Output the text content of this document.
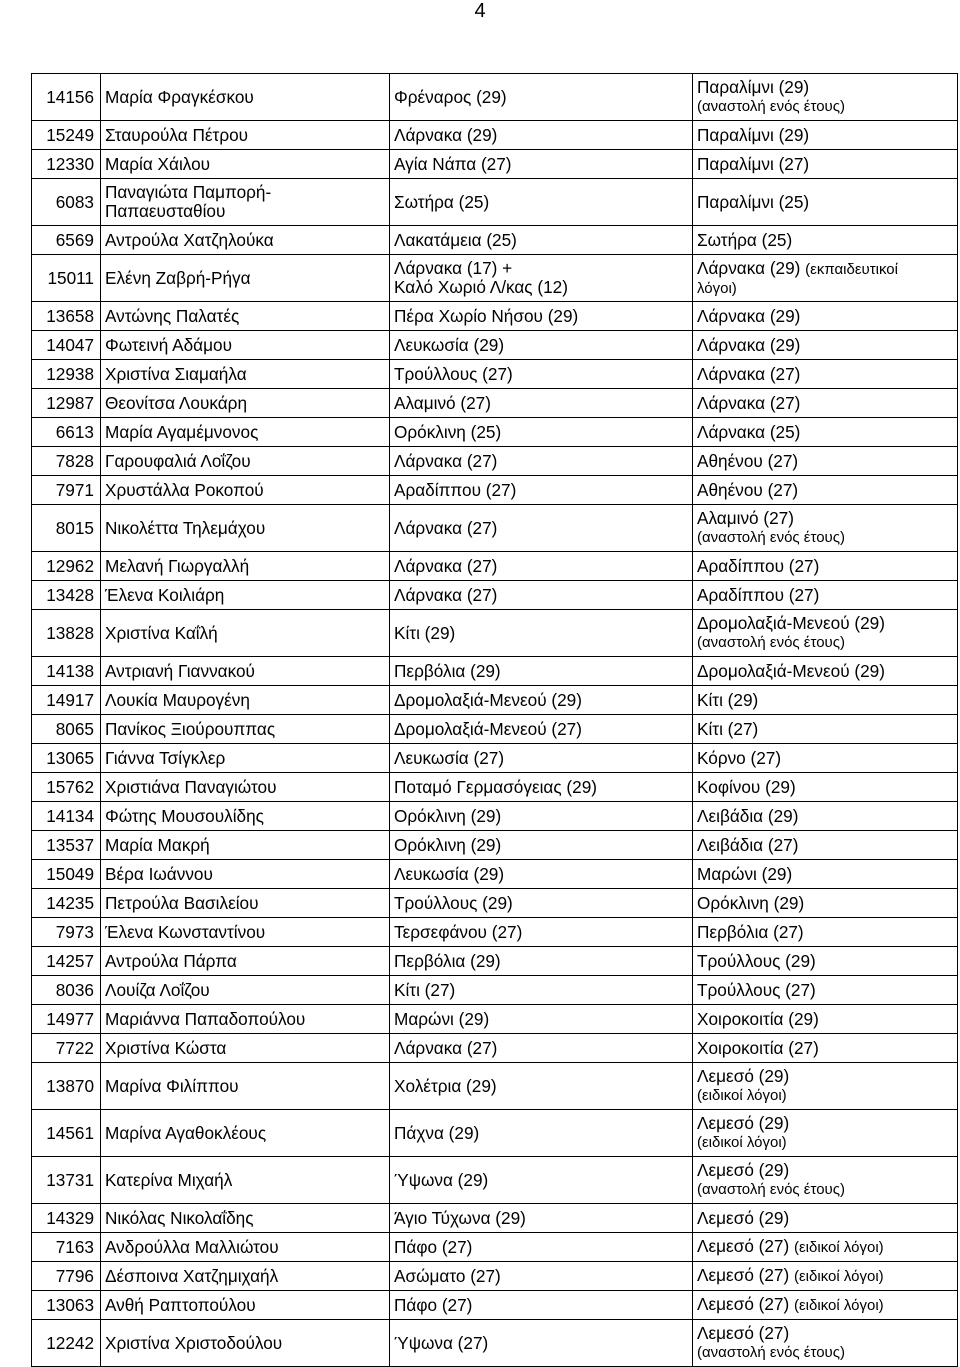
4
14156	Μαρία Φραγκέσκου	Φρέναρος (29)	Παραλίμνι (29)
(αναστολή ενός έτους)

15249	Σταυρούλα Πέτρου	Λάρνακα (29)	Παραλίμνι (29)

12330	Μαρία Χάιλου	Αγία Νάπα (27)	Παραλίμνι (27)

6083	Παναγιώτα Παμπορή-
Παπαευσταθίου	Σωτήρα (25)	Παραλίμνι (25)

6569	Αντρούλα Χατζηλούκα	Λακατάμεια (25)	Σωτήρα (25)

15011	Ελένη Ζαβρή-Ρήγα	Λάρνακα (17) +
Καλό Χωριό Λ/κας (12)	Λάρνακα (29) (εκπαιδευτικοί
λόγοι)

13658	Αντώνης Παλατές	Πέρα Χωρίο Νήσου (29)	Λάρνακα (29)

14047	Φωτεινή Αδάμου	Λευκωσία (29)	Λάρνακα (29)

12938	Χριστίνα Σιαμαήλα	Τρούλλους (27)	Λάρνακα (27)

12987	Θεονίτσα Λουκάρη	Αλαμινό (27)	Λάρνακα (27)

6613	Μαρία Αγαμέμνονος	Ορόκλινη (25)	Λάρνακα (25)

7828	Γαρουφαλιά Λοΐζου	Λάρνακα (27)	Αθηένου (27)

7971	Χρυστάλλα Ροκοπού	Αραδίππου (27)	Αθηένου (27)

8015	Νικολέττα Τηλεμάχου	Λάρνακα (27)	Αλαμινό (27)
(αναστολή ενός έτους)

12962	Μελανή Γιωργαλλή	Λάρνακα (27)	Αραδίππου (27)

13428	Έλενα Κοιλιάρη	Λάρνακα (27)	Αραδίππου (27)

13828	Χριστίνα Καΐλή	Κίτι (29)	Δρομολαξιά-Μενεού (29)
(αναστολή ενός έτους)

14138	Αντριανή Γιαννακού	Περβόλια (29)	Δρομολαξιά-Μενεού (29)

14917	Λουκία Μαυρογένη	Δρομολαξιά-Μενεού (29)	Κίτι (29)

8065	Πανίκος Ξιούρουππας	Δρομολαξιά-Μενεού (27)	Κίτι (27)

13065	Γιάννα Τσίγκλερ	Λευκωσία (27)	Κόρνο (27)

15762	Χριστιάνα Παναγιώτου	Ποταμό Γερμασόγειας (29)	Κοφίνου (29)

14134	Φώτης Μουσουλίδης	Ορόκλινη (29)	Λειβάδια (29)

13537	Μαρία Μακρή	Ορόκλινη (29)	Λειβάδια (27)

15049	Βέρα Ιωάννου	Λευκωσία (29)	Μαρώνι (29)

14235	Πετρούλα Βασιλείου	Τρούλλους (29)	Ορόκλινη (29)

7973	Έλενα Κωνσταντίνου	Τερσεφάνου (27)	Περβόλια (27)

14257	Αντρούλα Πάρπα	Περβόλια (29)	Τρούλλους (29)

8036	Λουίζα Λοΐζου	Κίτι (27)	Τρούλλους (27)

14977	Μαριάννα Παπαδοπούλου	Μαρώνι (29)	Χοιροκοιτία (29)

7722	Χριστίνα Κώστα	Λάρνακα (27)	Χοιροκοιτία (27)

13870	Μαρίνα Φιλίππου	Χολέτρια (29)	Λεμεσό (29)
(ειδικοί λόγοι)

14561	Μαρίνα Αγαθοκλέους	Πάχνα (29)	Λεμεσό (29)
(ειδικοί λόγοι)

13731	Κατερίνα Μιχαήλ	Ύψωνα (29)	Λεμεσό (29)
(αναστολή ενός έτους)

14329	Νικόλας Νικολαΐδης	Άγιο Τύχωνα (29)	Λεμεσό (29)

7163	Ανδρούλλα Μαλλιώτου	Πάφο (27)	Λεμεσό (27) (ειδικοί λόγοι)
7796	Δέσποινα Χατζημιχαήλ	Ασώματο (27)	Λεμεσό (27) (ειδικοί λόγοι)
13063	Ανθή Ραπτοπούλου	Πάφο (27)	Λεμεσό (27) (ειδικοί λόγοι)
12242	Χριστίνα Χριστοδούλου	Ύψωνα (27)	Λεμεσό (27)
(αναστολή ενός έτους)
